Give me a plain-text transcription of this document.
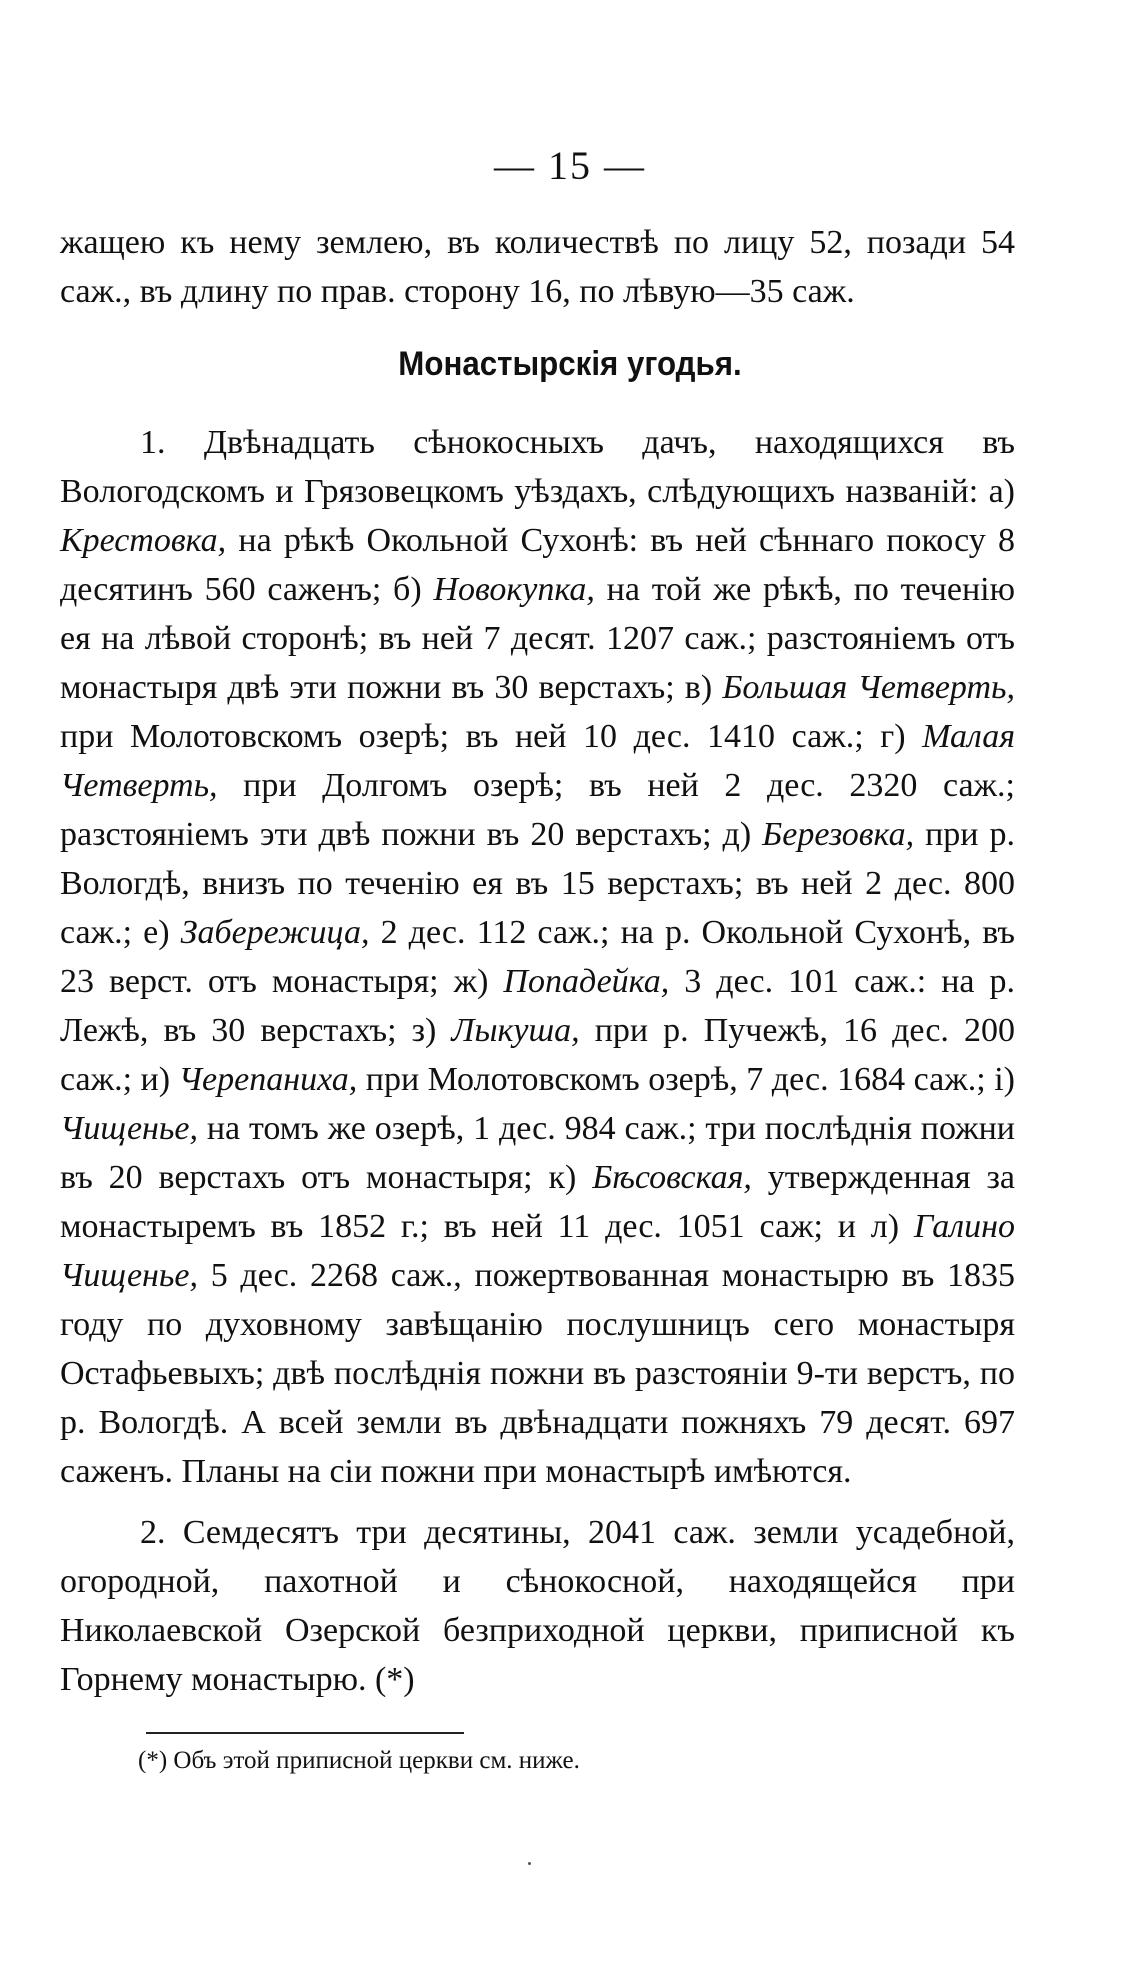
— 15 —

жащею къ нему землею, въ количествѣ по лицу 52, позади 54 саж., въ длину по прав. сторону 16, по лѣвую—35 саж.

Монастырскія угодья.

1. Двѣнадцать сѣнокосныхъ дачъ, находящихся въ Вологодскомъ и Грязовецкомъ уѣздахъ, слѣдующихъ названій: а) Крестовка, на рѣкѣ Окольной Сухонѣ: въ ней сѣннаго покосу 8 десятинъ 560 саженъ; б) Новокупка, на той же рѣкѣ, по теченію ея на лѣвой сторонѣ; въ ней 7 десят. 1207 саж.; разстояніемъ отъ монастыря двѣ эти пожни въ 30 верстахъ; в) Большая Четверть, при Молотовскомъ озерѣ; въ ней 10 дес. 1410 саж.; г) Малая Четверть, при Долгомъ озерѣ; въ ней 2 дес. 2320 саж.; разстояніемъ эти двѣ пожни въ 20 верстахъ; д) Березовка, при р. Вологдѣ, внизъ по теченію ея въ 15 верстахъ; въ ней 2 дес. 800 саж.; е) Забережица, 2 дес. 112 саж.; на р. Окольной Сухонѣ, въ 23 верст. отъ монастыря; ж) Попадейка, 3 дес. 101 саж.: на р. Лежѣ, въ 30 верстахъ; з) Лыкуша, при р. Пучежѣ, 16 дес. 200 саж.; и) Черепаниха, при Молотовскомъ озерѣ, 7 дес. 1684 саж.; і) Чищенье, на томъ же озерѣ, 1 дес. 984 саж.; три послѣднія пожни въ 20 верстахъ отъ монастыря; к) Бѣсовская, утвержденная за монастыремъ въ 1852 г.; въ ней 11 дес. 1051 саж; и л) Галино Чищенье, 5 дес. 2268 саж., пожертвованная монастырю въ 1835 году по духовному завѣщанію послушницъ сего монастыря Остафьевыхъ; двѣ послѣднія пожни въ разстояніи 9-ти верстъ, по р. Вологдѣ. А всей земли въ двѣнадцати пожняхъ 79 десят. 697 саженъ. Планы на сіи пожни при монастырѣ имѣются.

2. Семдесятъ три десятины, 2041 саж. земли усадебной, огородной, пахотной и сѣнокосной, находящейся при Николаевской Озерской безприходной церкви, приписной къ Горнему монастырю. (*)

(*) Объ этой приписной церкви см. ниже.
